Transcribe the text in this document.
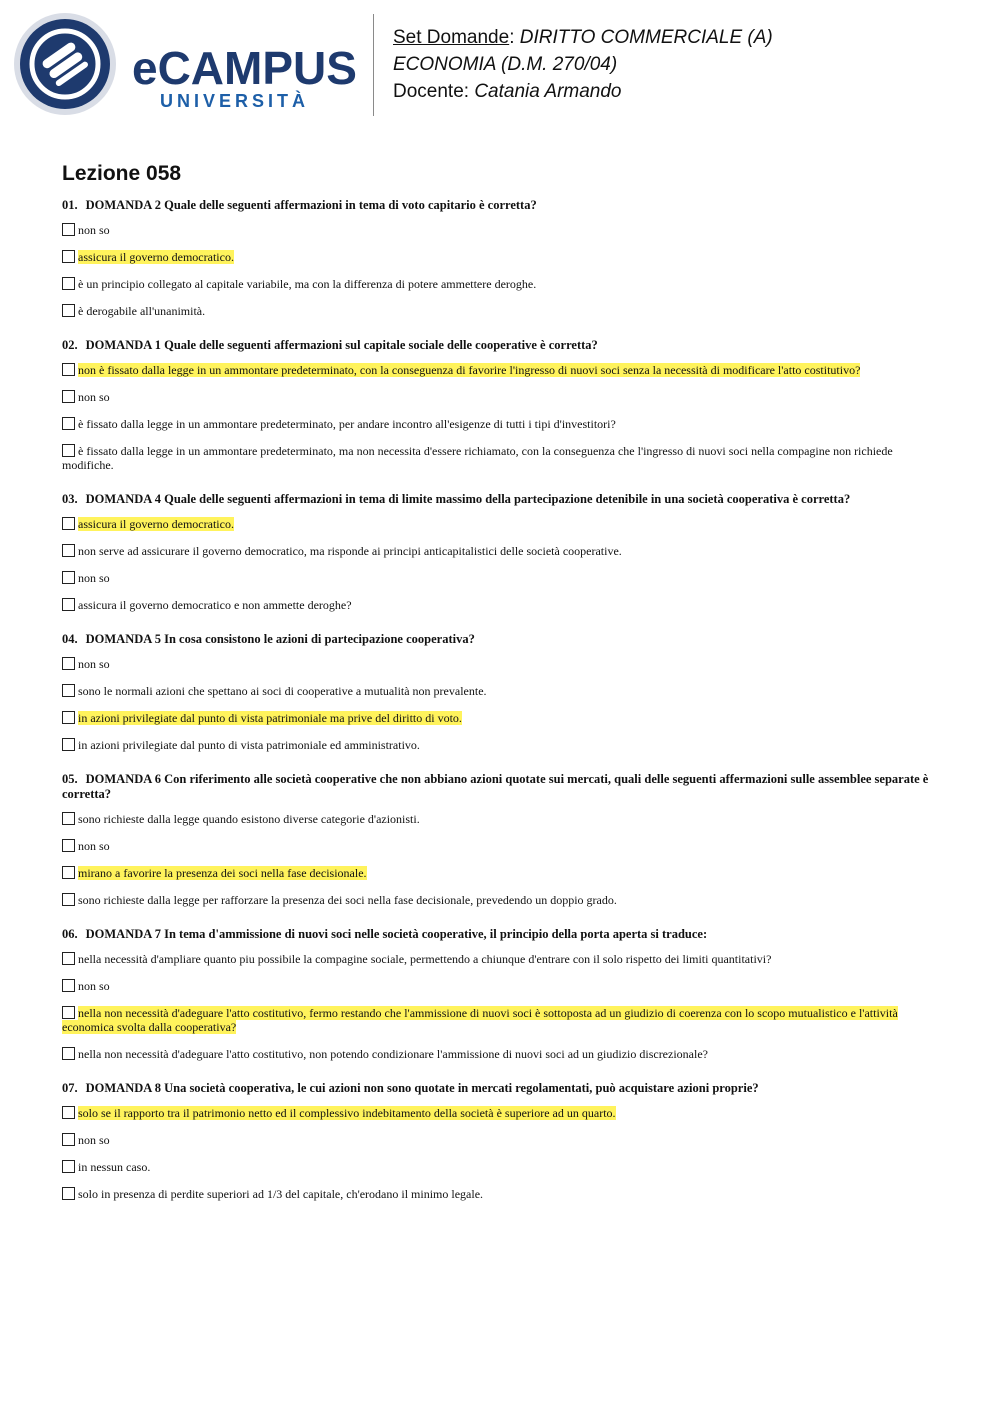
eCAMPUS
UNIVERSITÀ
Set Domande: DIRITTO COMMERCIALE (A)
ECONOMIA (D.M. 270/04)
Docente: Catania Armando
Lezione 058
01. DOMANDA 2 Quale delle seguenti affermazioni in tema di voto capitario è corretta?
non so
assicura il governo democratico.
è un principio collegato al capitale variabile, ma con la differenza di potere ammettere deroghe.
è derogabile all'unanimità.
02. DOMANDA 1 Quale delle seguenti affermazioni sul capitale sociale delle cooperative è corretta?
non è fissato dalla legge in un ammontare predeterminato, con la conseguenza di favorire l'ingresso di nuovi soci senza la necessità di modificare l'atto costitutivo?
non so
è fissato dalla legge in un ammontare predeterminato, per andare incontro all'esigenze di tutti i tipi d'investitori?
è fissato dalla legge in un ammontare predeterminato, ma non necessita d'essere richiamato, con la conseguenza che l'ingresso di nuovi soci nella compagine non richiede modifiche.
03. DOMANDA 4 Quale delle seguenti affermazioni in tema di limite massimo della partecipazione detenibile in una società cooperativa è corretta?
assicura il governo democratico.
non serve ad assicurare il governo democratico, ma risponde ai principi anticapitalistici delle società cooperative.
non so
assicura il governo democratico e non ammette deroghe?
04. DOMANDA 5 In cosa consistono le azioni di partecipazione cooperativa?
non so
sono le normali azioni che spettano ai soci di cooperative a mutualità non prevalente.
in azioni privilegiate dal punto di vista patrimoniale ma prive del diritto di voto.
in azioni privilegiate dal punto di vista patrimoniale ed amministrativo.
05. DOMANDA 6 Con riferimento alle società cooperative che non abbiano azioni quotate sui mercati, quali delle seguenti affermazioni sulle assemblee separate è corretta?
sono richieste dalla legge quando esistono diverse categorie d'azionisti.
non so
mirano a favorire la presenza dei soci nella fase decisionale.
sono richieste dalla legge per rafforzare la presenza dei soci nella fase decisionale, prevedendo un doppio grado.
06. DOMANDA 7 In tema d'ammissione di nuovi soci nelle società cooperative, il principio della porta aperta si traduce:
nella necessità d'ampliare quanto piu possibile la compagine sociale, permettendo a chiunque d'entrare con il solo rispetto dei limiti quantitativi?
non so
nella non necessità d'adeguare l'atto costitutivo, fermo restando che l'ammissione di nuovi soci è sottoposta ad un giudizio di coerenza con lo scopo mutualistico e l'attività economica svolta dalla cooperativa?
nella non necessità d'adeguare l'atto costitutivo, non potendo condizionare l'ammissione di nuovi soci ad un giudizio discrezionale?
07. DOMANDA 8 Una società cooperativa, le cui azioni non sono quotate in mercati regolamentati, può acquistare azioni proprie?
solo se il rapporto tra il patrimonio netto ed il complessivo indebitamento della società è superiore ad un quarto.
non so
in nessun caso.
solo in presenza di perdite superiori ad 1/3 del capitale, ch'erodano il minimo legale.
